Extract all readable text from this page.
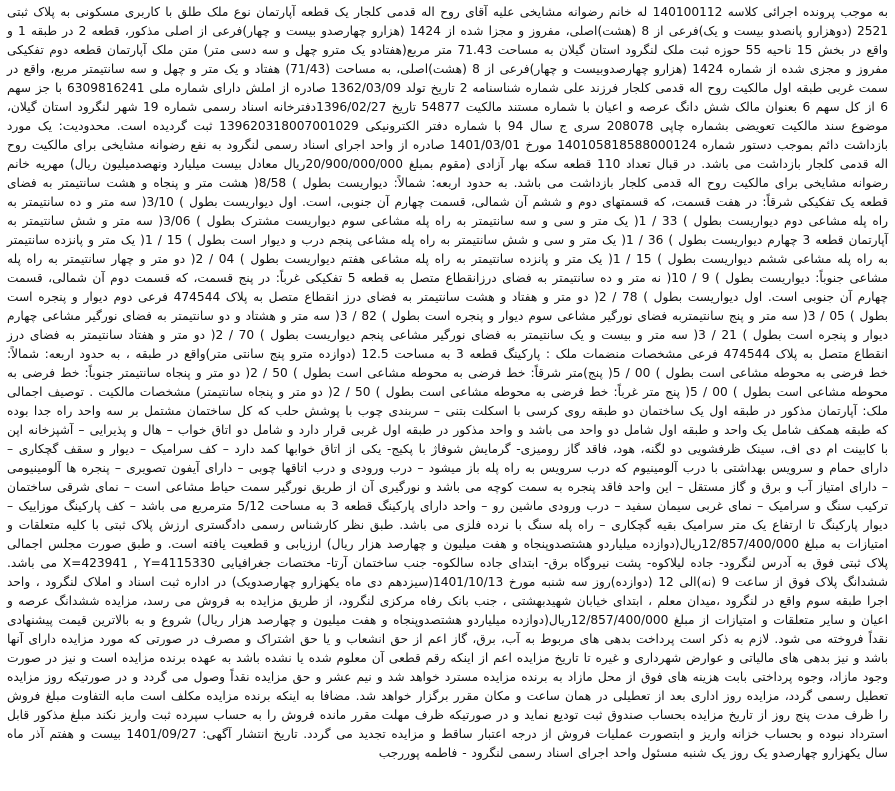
به موجب پرونده اجرائی کلاسه 140100112 له خانم رضوانه مشایخی علیه آقای روح اله قدمی کلجار یک قطعه آپارتمان نوع ملک طلق با کاربری مسکونی به پلاک ثبتی 2521 (دوهزارو پانصدو بیست و یک)فرعی از 8 (هشت)اصلی، مفروز و مجزا شده از 1424 (هزارو چهارصدو بیست و چهار)فرعی از اصلی مذکور، قطعه 2 در طبقه 1 و واقع در بخش 15 ناحیه 55 حوزه ثبت ملک لنگرود استان گیلان به مساحت 71.43 متر مربع(هفتادو یک مترو چهل و سه دسی متر) متن ملک آپارتمان قطعه دوم تفکیکی مفروز و مجزی شده از شماره 1424 (هزارو چهارصدوبیست و چهار)فرعی از 8 (هشت)اصلی، به مساحت (71/43) هفتاد و یک متر و چهل و سه سانتیمتر مربع، واقع در سمت غربی طبقه اول مالکیت روح اله قدمی کلجار فرزند علی شماره شناسنامه 2 تاریخ تولد 1362/03/09 صادره از املش دارای شماره ملی 6309816241 با جز سهم 6 از کل سهم 6 بعنوان مالک شش دانگ عرصه و اعیان با شماره مستند مالکیت 54877 تاریخ 1396/02/27دفترخانه اسناد رسمی شماره 19 شهر لنگرود استان گیلان، موضوع سند مالکیت تعویضی بشماره چاپی 208078 سری ج سال 94 با شماره دفتر الکترونیکی 139620318007001029 ثبت گردیده است. محدودیت: یک مورد بازداشت دائم بموجب دستور شماره 140105818588000124 مورخ 1401/03/01 صادره از واحد اجرای اسناد رسمی لنگرود به نفع رضوانه مشایخی برای مالکیت روح اله قدمی کلجار بازداشت می باشد. در قبال تعداد 110 قطعه سکه بهار آزادی (مقوم بمبلغ 20/900/000/000ریال معادل بیست میلیارد ونهصدمیلیون ریال) مهریه خانم رضوانه مشایخی برای مالکیت روح اله قدمی کلجار بازداشت می باشد. به حدود اربعه: شمالاً: دیواریست بطول ) 8/58( هشت متر و پنجاه و هشت سانتیمتر به فضای قطعه یک تفکیکی شرقاً: در هفت قسمت، که قسمتهای دوم و ششم آن شمالی، قسمت چهارم آن جنوبی، است. اول دیواریست بطول ) 3/10( سه متر و ده سانتیمتر به راه پله مشاعی دوم دیواریست بطول ) 33 / 1( یک متر و سی و سه سانتیمتر به راه پله مشاعی سوم دیواریست مشترک بطول ) 3/06( سه متر و شش سانتیمتر به آپارتمان قطعه 3 چهارم دیواریست بطول ) 36 / 1( یک متر و سی و شش سانتیمتر به راه پله مشاعی پنجم درب و دیوار است بطول ) 15 / 1( یک متر و پانزده سانتیمتر به راه پله مشاعی ششم دیواریست بطول ) 15 / 1( یک متر و پانزده سانتیمتر به راه پله مشاعی هفتم دیواریست بطول ) 04 / 2( دو متر و چهار سانتیمتر به راه پله مشاعی جنوباً: دیواریست بطول ) 9 / 10( نه متر و ده سانتیمتر به فضای درزانقطاع متصل به قطعه 5 تفکیکی غرباً: در پنج قسمت، که قسمت دوم آن شمالی، قسمت چهارم آن جنوبی است. اول دیواریست بطول ) 78 / 2( دو متر و هفتاد و هشت سانتیمتر به فضای درز انقطاع متصل به پلاک 474544 فرعی دوم دیوار و پنجره است بطول ) 05 / 3( سه متر و پنج سانتیمتربه فضای نورگیر مشاعی سوم دیوار و پنجره است بطول ) 82 / 3( سه متر و هشتاد و دو سانتیمتر به فضای نورگیر مشاعی چهارم دیوار و پنجره است بطول ) 21 / 3( سه متر و بیست و یک سانتیمتر به فضای نورگیر مشاعی پنجم دیواریست بطول ) 70 / 2( دو متر و هفتاد سانتیمتر به فضای درز انقطاع متصل به پلاک 474544 فرعی مشخصات منضمات ملک : پارکینگ قطعه 3 به مساحت 12.5 (دوازده مترو پنج سانتی متر)واقع در طبقه ، به حدود اربعه: شمالاً: خط فرضی به محوطه مشاعی است بطول ) 00 / 5( پنج)متر شرقاً: خط فرضی به محوطه مشاعی است بطول ) 50 / 2( دو متر و پنجاه سانتیمتر جنوباً: خط فرضی به محوطه مشاعی است بطول ) 00 / 5( پنج متر غرباً: خط فرضی به محوطه مشاعی است بطول ) 50 / 2( دو متر و پنجاه سانتیمتر) مشخصات مالکیت . توصیف اجمالی ملک: آپارتمان مذکور در طبقه اول یک ساختمان دو طبقه روی کرسی با اسکلت بتنی – سربندی چوب با پوشش حلب که کل ساختمان مشتمل بر سه واحد راه جدا بوده که طبقه همکف شامل یک واحد و طبقه اول شامل دو واحد می باشد و واحد مذکور در طبقه اول غربی قرار دارد و شامل دو اتاق خواب – هال و پذیرایی – آشپزخانه اپن با کابینت ام دی اف، سینک ظرفشویی دو لگنه، هود، فاقد گاز رومیزی- گرمایش شوفاژ با پکیج- یکی از اتاق خوابها کمد دارد – کف سرامیک – دیوار و سقف گچکاری – دارای حمام و سرویس بهداشتی با درب آلومینیوم که درب سرویس به راه پله باز میشود – درب ورودی و درب اتاقها چوبی – دارای آیفون تصویری – پنجره ها آلومینیومی – دارای امتیاز آب و برق و گاز مستقل – این واحد فاقد پنجره به سمت کوچه می باشد و نورگیری آن از طریق نورگیر سمت حیاط مشاعی است – نمای شرقی ساختمان ترکیب سنگ و سرامیک – نمای غربی سیمان سفید – درب ورودی ماشین رو – واحد دارای پارکینگ قطعه 3 به مساحت 5/12 مترمربع می باشد – کف پارکینگ موزاییک – دیوار پارکینگ تا ارتفاع یک متر سرامیک بقیه گچکاری – راه پله سنگ با نرده فلزی می باشد. طبق نظر کارشناس رسمی دادگستری ارزش پلاک ثبتی با کلیه متعلقات و امتیازات به مبلغ 12/857/400/000ریال(دوازده میلیاردو هشتصدوپنجاه و هفت میلیون و چهارصد هزار ریال) ارزیابی و قطعیت یافته است. و طبق صورت مجلس اجمالی پلاک ثبتی فوق به آدرس لنگرود- جاده لیلاکوه- پشت نیروگاه برق- ابتدای جاده سالکوه- جنب ساختمان آرتا- مختصات جغرافیایی X=423941 , Y=4115330 می باشد. ششدانگ پلاک فوق از ساعت 9 (نه)الی 12 (دوازده)روز سه شنبه مورخ 1401/10/13(سیزدهم دی ماه یکهزارو چهارصدویک) در اداره ثبت اسناد و املاک لنگرود ، واحد اجرا طبقه سوم واقع در لنگرود ،میدان معلم ، ابتدای خیابان شهیدبهشتی ، جنب بانک رفاه مرکزی لنگرود، از طریق مزایده به فروش می رسد، مزایده ششدانگ عرصه و اعیان و سایر متعلقات و امتیازات از مبلغ 12/857/400/000ریال(دوازده میلیاردو هشتصدوپنجاه و هفت میلیون و چهارصد هزار ریال) شروع و به بالاترین قیمت پیشنهادی نقداً فروخته می شود. لازم به ذکر است پرداخت بدهی های مربوط به آب، برق، گاز اعم از حق انشعاب و یا حق اشتراک و مصرف در صورتی که مورد مزایده دارای آنها باشد و نیز بدهی های مالیاتی و عوارض شهرداری و غیره تا تاریخ مزایده اعم از اینکه رقم قطعی آن معلوم شده یا نشده باشد به عهده برنده مزایده است و نیز در صورت وجود مازاد، وجوه پرداختی بابت هزینه های فوق از محل مازاد به برنده مزایده مسترد خواهد شد و نیم عشر و حق مزایده نقداً وصول می گردد و در صورتیکه روز مزایده تعطیل رسمی گردد، مزایده روز اداری بعد از تعطیلی در همان ساعت و مکان مقرر برگزار خواهد شد. مضافا به اینکه برنده مزایده مکلف است مابه التفاوت مبلغ فروش را ظرف مدت پنج روز از تاریخ مزایده بحساب صندوق ثبت تودیع نماید و در صورتیکه ظرف مهلت مقرر مانده فروش را به حساب سپرده ثبت واریز نکند مبلغ مذکور قابل استرداد نبوده و بحساب خزانه واریز و ابتصورت عملیات فروش از درجه اعتبار ساقط و مزایده تجدید می گردد. تاریخ انتشار آگهی: 1401/09/27 بیست و هفتم آذر ماه سال یکهزارو چهارصدو یک روز یک شنبه مسئول واحد اجرای اسناد رسمی لنگرود - فاطمه پوررجب
